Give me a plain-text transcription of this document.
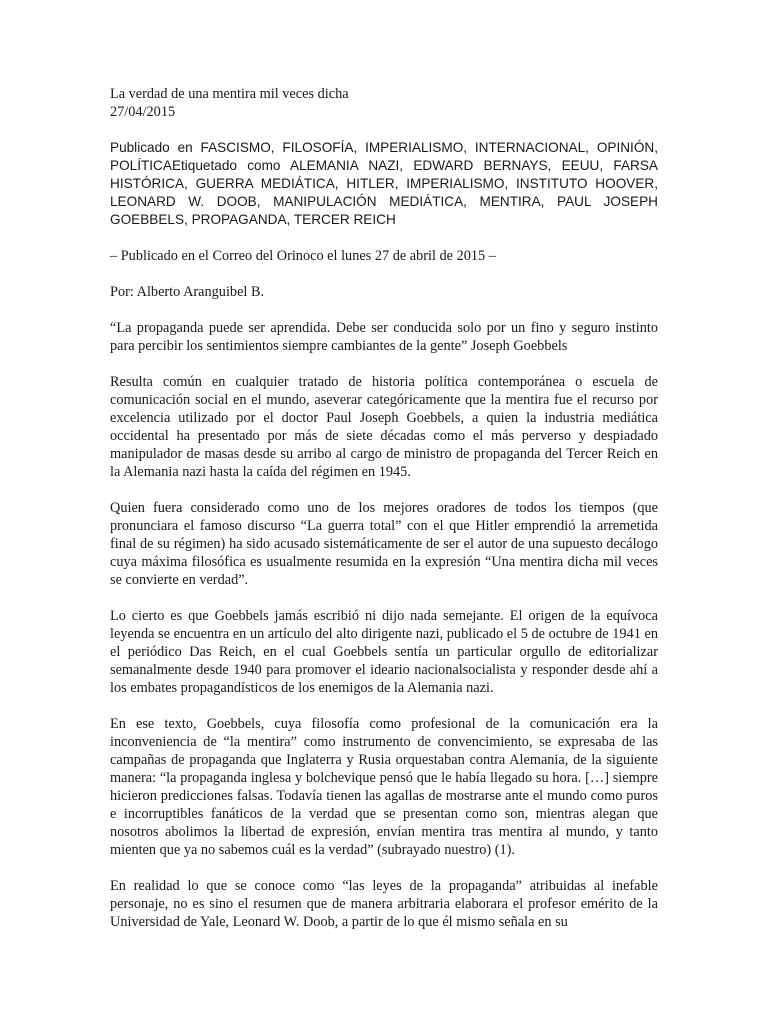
La verdad de una mentira mil veces dicha

27/04/2015

Publicado en FASCISMO, FILOSOFÍA, IMPERIALISMO, INTERNACIONAL, OPINIÓN, POLÍTICAEtiquetado como ALEMANIA NAZI, EDWARD BERNAYS, EEUU, FARSA HISTÓRICA, GUERRA MEDIÁTICA, HITLER, IMPERIALISMO, INSTITUTO HOOVER, LEONARD W. DOOB, MANIPULACIÓN MEDIÁTICA, MENTIRA, PAUL JOSEPH GOEBBELS, PROPAGANDA, TERCER REICH

– Publicado en el Correo del Orinoco el lunes 27 de abril de 2015 –

Por: Alberto Aranguibel B.

“La propaganda puede ser aprendida. Debe ser conducida solo por un fino y seguro instinto para percibir los sentimientos siempre cambiantes de la gente” Joseph Goebbels

Resulta común en cualquier tratado de historia política contemporánea o escuela de comunicación social en el mundo, aseverar categóricamente que la mentira fue el recurso por excelencia utilizado por el doctor Paul Joseph Goebbels, a quien la industria mediática occidental ha presentado por más de siete décadas como el más perverso y despiadado manipulador de masas desde su arribo al cargo de ministro de propaganda del Tercer Reich en la Alemania nazi hasta la caída del régimen en 1945.

Quien fuera considerado como uno de los mejores oradores de todos los tiempos (que pronunciara el famoso discurso “La guerra total” con el que Hitler emprendió la arremetida final de su régimen) ha sido acusado sistemáticamente de ser el autor de una supuesto decálogo cuya máxima filosófica es usualmente resumida en la expresión “Una mentira dicha mil veces se convierte en verdad”.

Lo cierto es que Goebbels jamás escribió ni dijo nada semejante. El origen de la equívoca leyenda se encuentra en un artículo del alto dirigente nazi, publicado el 5 de octubre de 1941 en el periódico Das Reich, en el cual Goebbels sentía un particular orgullo de editorializar semanalmente desde 1940 para promover el ideario nacionalsocialista y responder desde ahí a los embates propagandísticos de los enemigos de la Alemania nazi.

En ese texto, Goebbels, cuya filosofía como profesional de la comunicación era la inconveniencia de “la mentira” como instrumento de convencimiento, se expresaba de las campañas de propaganda que Inglaterra y Rusia orquestaban contra Alemania, de la siguiente manera: “la propaganda inglesa y bolchevique pensó que le había llegado su hora. […] siempre hicieron predicciones falsas. Todavía tienen las agallas de mostrarse ante el mundo como puros e incorruptibles fanáticos de la verdad que se presentan como son, mientras alegan que nosotros abolimos la libertad de expresión, envían mentira tras mentira al mundo, y tanto mienten que ya no sabemos cuál es la verdad” (subrayado nuestro) (1).

En realidad lo que se conoce como “las leyes de la propaganda” atribuidas al inefable personaje, no es sino el resumen que de manera arbitraria elaborara el profesor emérito de la Universidad de Yale, Leonard W. Doob, a partir de lo que él mismo señala en su
